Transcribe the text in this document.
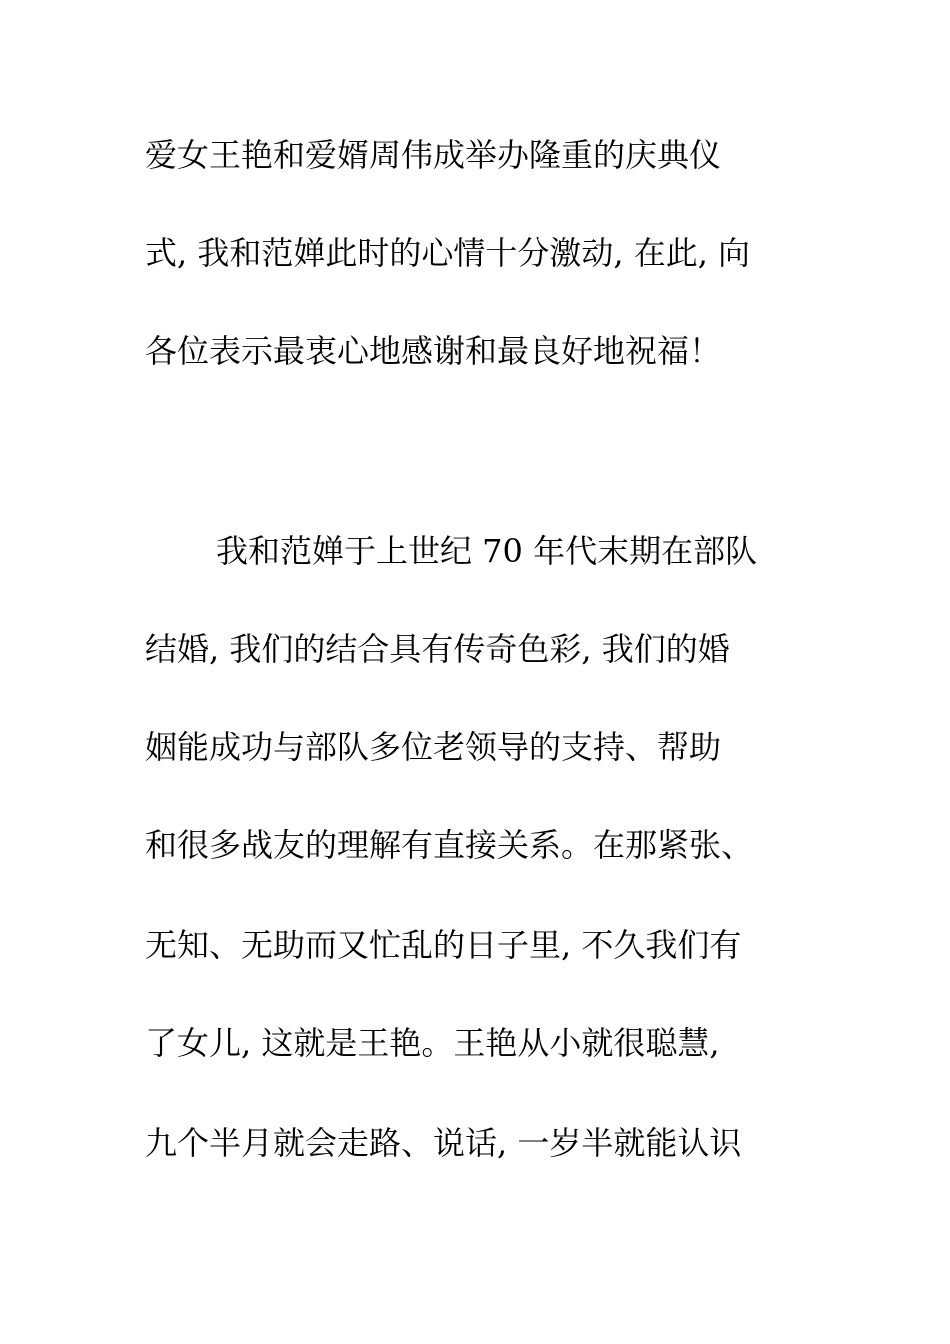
爱女王艳和爱婿周伟成举办隆重的庆典仪
式, 我和范婵此时的心情十分激动, 在此, 向
各位表示最衷心地感谢和最良好地祝福！
我和范婵于上世纪 70 年代末期在部队
结婚, 我们的结合具有传奇色彩, 我们的婚
姻能成功与部队多位老领导的支持、帮助
和很多战友的理解有直接关系。在那紧张、
无知、无助而又忙乱的日子里, 不久我们有
了女儿, 这就是王艳。王艳从小就很聪慧,
九个半月就会走路、说话, 一岁半就能认识
